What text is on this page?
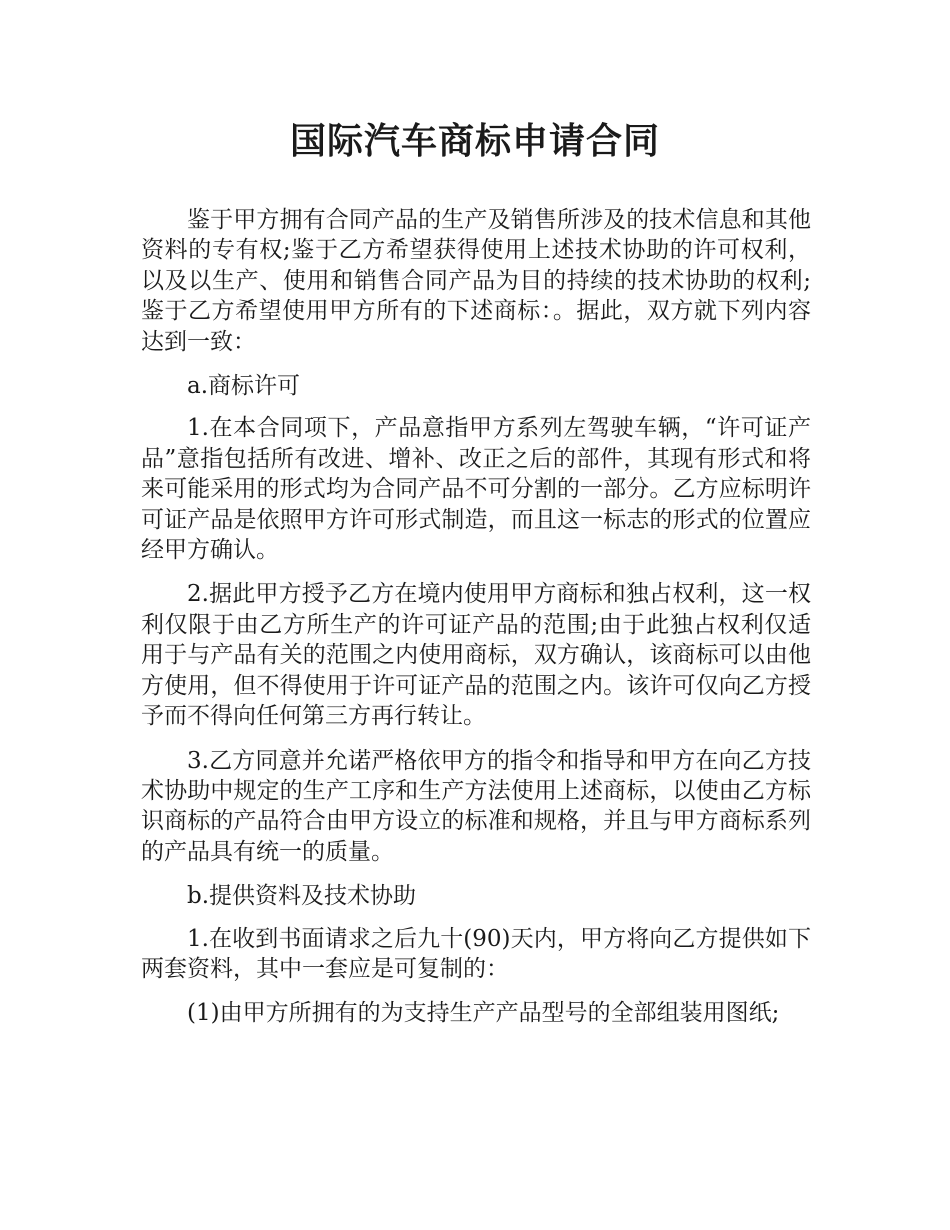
国际汽车商标申请合同

鉴于甲方拥有合同产品的生产及销售所涉及的技术信息和其他资料的专有权;鉴于乙方希望获得使用上述技术协助的许可权利，以及以生产、使用和销售合同产品为目的持续的技术协助的权利;鉴于乙方希望使用甲方所有的下述商标：。据此，双方就下列内容达到一致：

a.商标许可

1.在本合同项下，产品意指甲方系列左驾驶车辆，“许可证产品”意指包括所有改进、增补、改正之后的部件，其现有形式和将来可能采用的形式均为合同产品不可分割的一部分。乙方应标明许可证产品是依照甲方许可形式制造，而且这一标志的形式的位置应经甲方确认。

2.据此甲方授予乙方在境内使用甲方商标和独占权利，这一权利仅限于由乙方所生产的许可证产品的范围;由于此独占权利仅适用于与产品有关的范围之内使用商标，双方确认，该商标可以由他方使用，但不得使用于许可证产品的范围之内。该许可仅向乙方授予而不得向任何第三方再行转让。

3.乙方同意并允诺严格依甲方的指令和指导和甲方在向乙方技术协助中规定的生产工序和生产方法使用上述商标，以使由乙方标识商标的产品符合由甲方设立的标准和规格，并且与甲方商标系列的产品具有统一的质量。

b.提供资料及技术协助

1.在收到书面请求之后九十(90)天内，甲方将向乙方提供如下两套资料，其中一套应是可复制的：

(1)由甲方所拥有的为支持生产产品型号的全部组装用图纸;
